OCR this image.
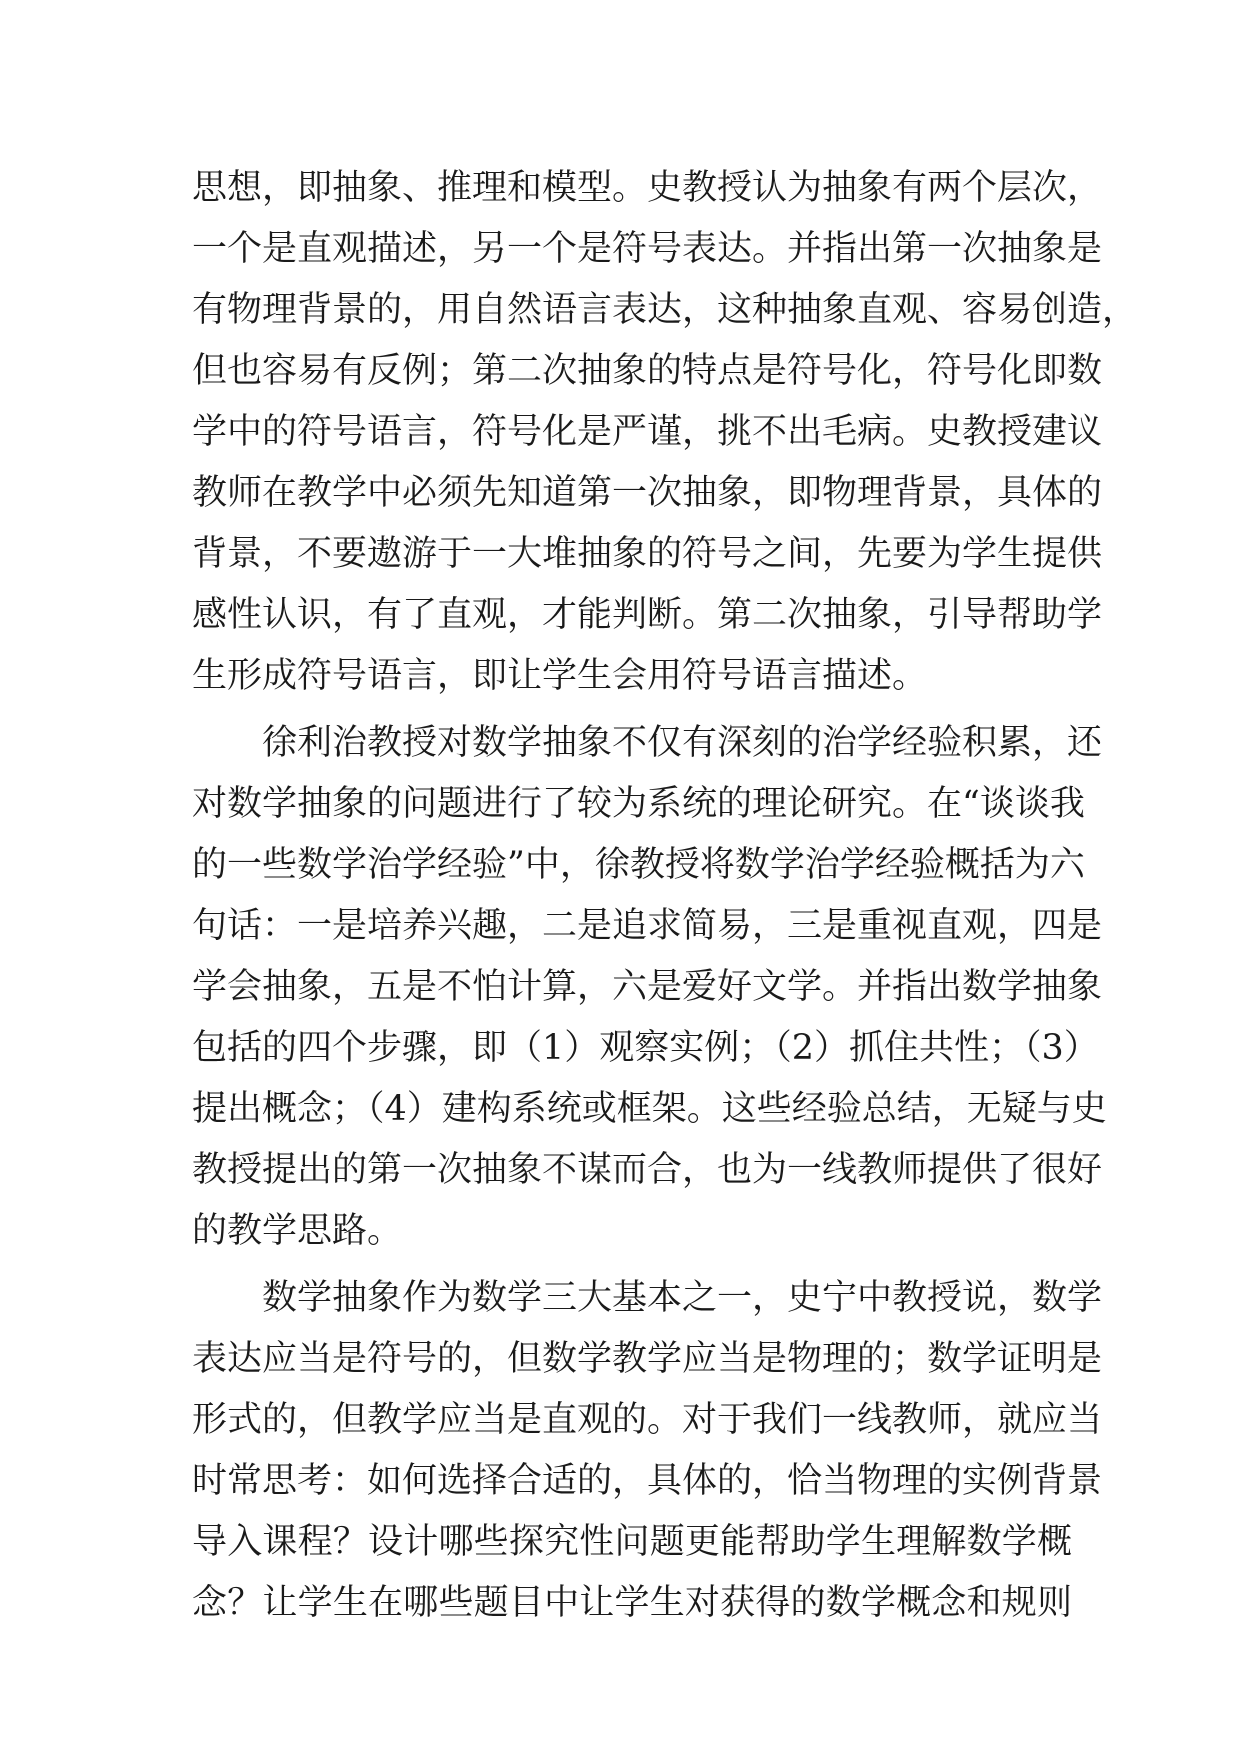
思想，即抽象、推理和模型。史教授认为抽象有两个层次，
一个是直观描述，另一个是符号表达。并指出第一次抽象是
有物理背景的，用自然语言表达，这种抽象直观、容易创造，
但也容易有反例；第二次抽象的特点是符号化，符号化即数
学中的符号语言，符号化是严谨，挑不出毛病。史教授建议
教师在教学中必须先知道第一次抽象，即物理背景，具体的
背景，不要遨游于一大堆抽象的符号之间，先要为学生提供
感性认识，有了直观，才能判断。第二次抽象，引导帮助学
生形成符号语言，即让学生会用符号语言描述。
　　徐利治教授对数学抽象不仅有深刻的治学经验积累，还
对数学抽象的问题进行了较为系统的理论研究。在“谈谈我
的一些数学治学经验”中，徐教授将数学治学经验概括为六
句话：一是培养兴趣，二是追求简易，三是重视直观，四是
学会抽象，五是不怕计算，六是爱好文学。并指出数学抽象
包括的四个步骤，即（1）观察实例；（2）抓住共性；（3）
提出概念；（4）建构系统或框架。这些经验总结，无疑与史
教授提出的第一次抽象不谋而合，也为一线教师提供了很好
的教学思路。
　　数学抽象作为数学三大基本之一，史宁中教授说，数学
表达应当是符号的，但数学教学应当是物理的；数学证明是
形式的，但教学应当是直观的。对于我们一线教师，就应当
时常思考：如何选择合适的，具体的，恰当物理的实例背景
导入课程？设计哪些探究性问题更能帮助学生理解数学概
念？让学生在哪些题目中让学生对获得的数学概念和规则
